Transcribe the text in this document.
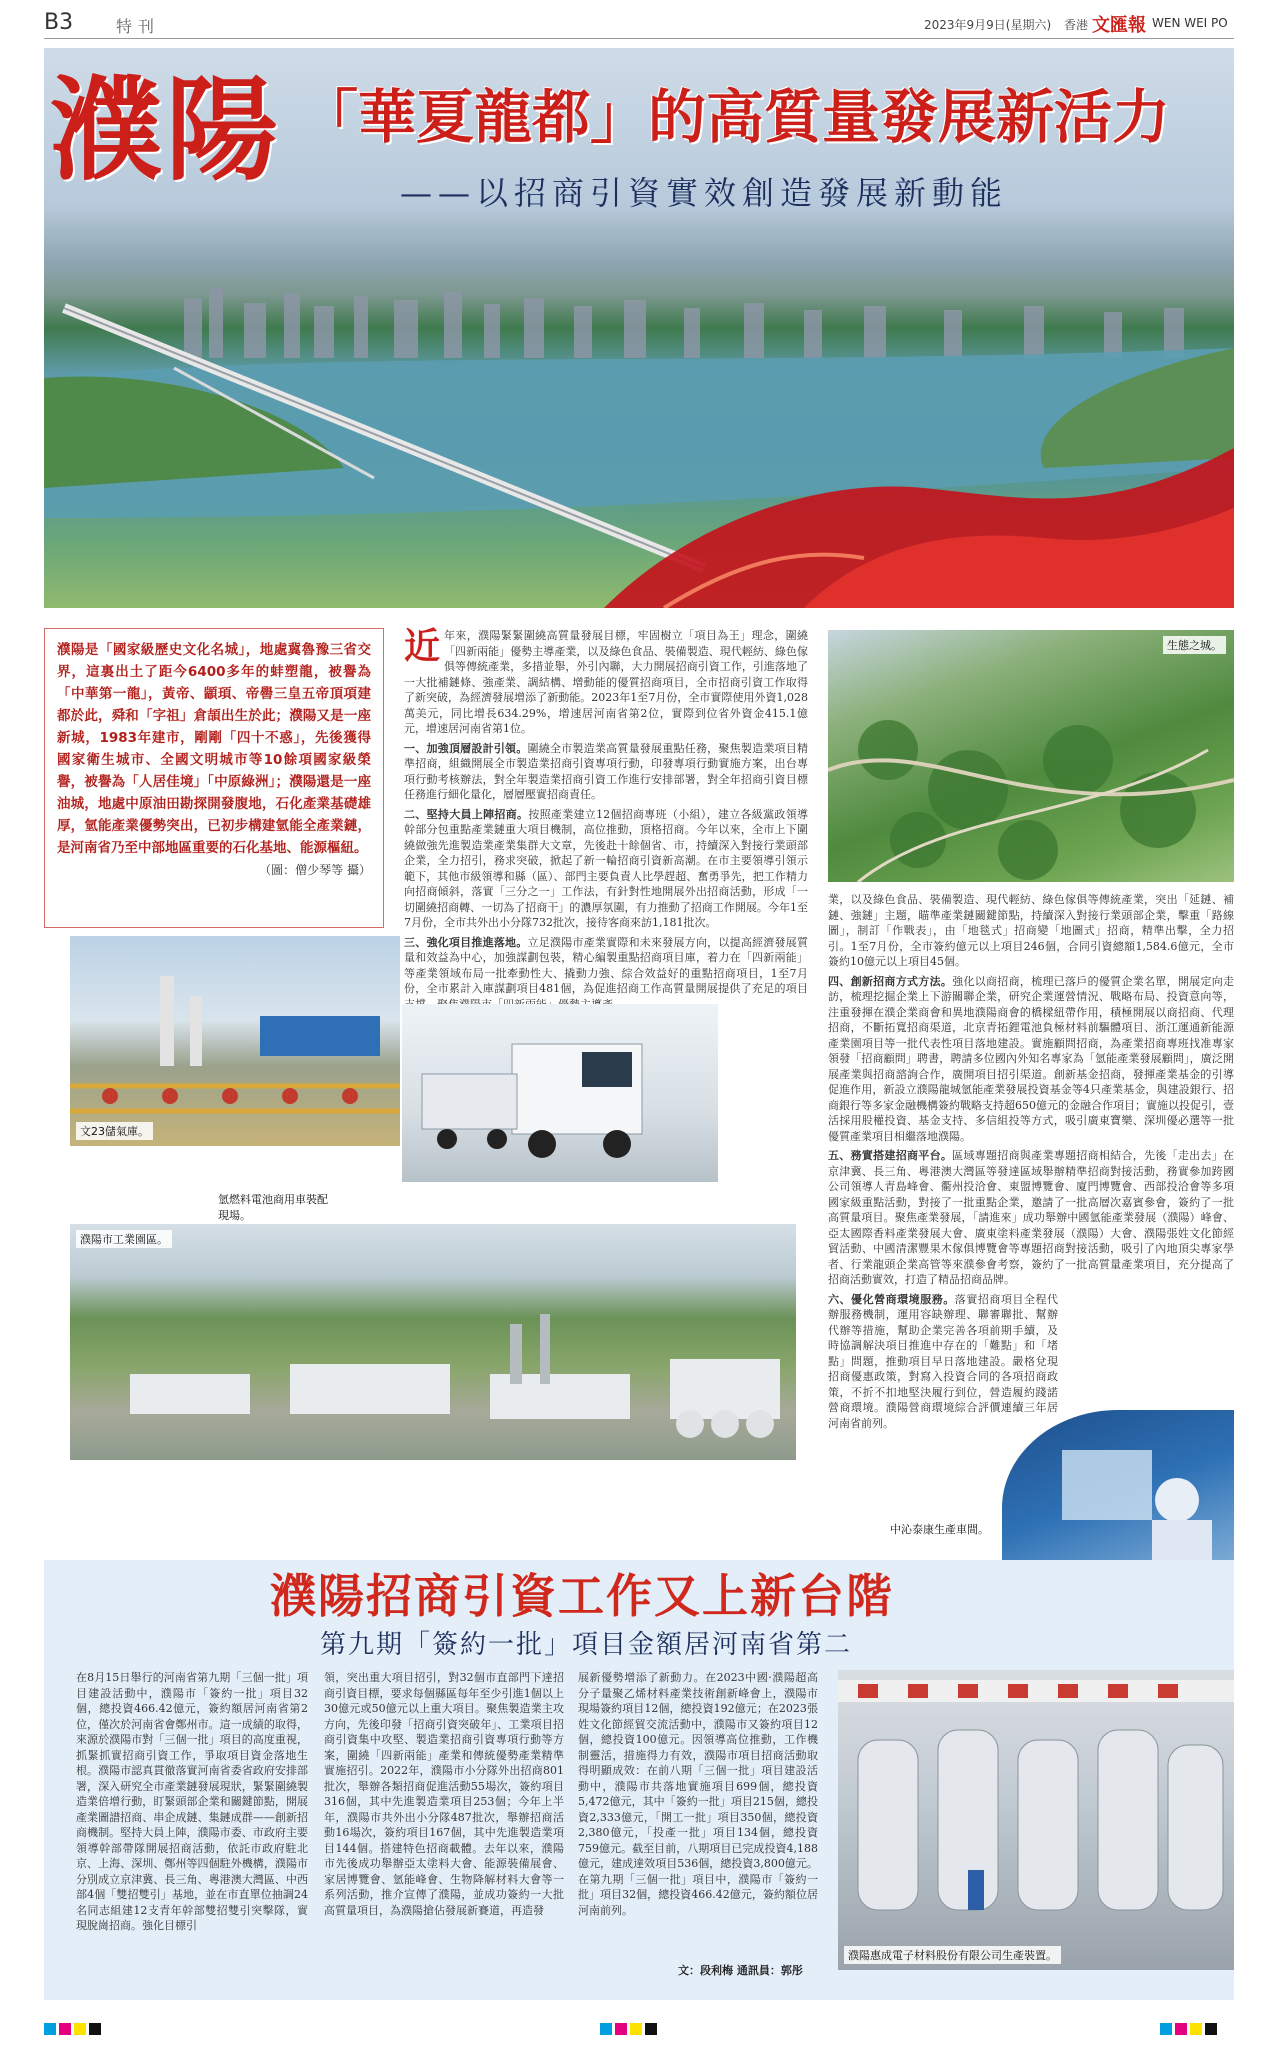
B3	特刊	2023年9月9日(星期六) 香港 文匯報 WEN WEI PO
濮陽 「華夏龍都」的高質量發展新活力
——以招商引資實效創造發展新動能
濮陽是「國家級歷史文化名城」，地處冀魯豫三省交界，這裏出土了距今6400多年的蚌塑龍，被譽為「中華第一龍」，黃帝、顓頊、帝嚳三皇五帝頂項建都於此，舜和「字祖」倉頡出生於此；濮陽又是一座新城，1983年建市，剛剛「四十不惑」，先後獲得國家衛生城市、全國文明城市等10餘項國家級榮譽，被譽為「人居佳境」「中原綠洲」；濮陽還是一座油城，地處中原油田勘探開發腹地，石化產業基礎雄厚，氫能產業優勢突出，已初步構建氫能全產業鏈，是河南省乃至中部地區重要的石化基地、能源樞紐。
（圖：僧少琴等 攝）
近 年來，濮陽緊緊圍繞高質量發展目標，牢固樹立「項目為王」理念，圍繞「四新兩能」優勢主導產業，以及綠色食品、裝備製造、現代輕紡、綠色傢俱等傳統產業，多措並舉，外引內聯，大力開展招商引資工作，引進落地了一大批補鏈條、強產業、調結構、增動能的優質招商項目，全市招商引資工作取得了新突破，為經濟發展增添了新動能。2023年1至7月份，全市實際使用外資1,028萬美元，同比增長634.29%，增速居河南省第2位，實際到位省外資金415.1億元，增速居河南省第1位。
一、加強頂層設計引領。圍繞全市製造業高質量發展重點任務，聚焦製造業項目精準招商，組織開展全市製造業招商引資專項行動，印發專項行動實施方案，出台專項行動考核辦法，對全年製造業招商引資工作進行安排部署，對全年招商引資目標任務進行細化量化，層層壓實招商責任。
二、堅持大員上陣招商。按照產業建立12個招商專班（小組），建立各級黨政領導幹部分包重點產業鏈重大項目機制，高位推動，頂格招商。今年以來，全市上下圍繞做強先進製造業產業集群大文章，先後赴十餘個省、市，持續深入對接行業頭部企業，全力招引，務求突破，掀起了新一輪招商引資新高潮。在市主要領導引領示範下，其他市級領導和縣（區）、部門主要負責人比學趕超、奮勇爭先，把工作精力向招商傾斜，落實「三分之一」工作法，有針對性地開展外出招商活動，形成「一切圍繞招商轉、一切為了招商干」的濃厚氛圍，有力推動了招商工作開展。今年1至7月份，全市共外出小分隊732批次，接待客商來訪1,181批次。
三、強化項目推進落地。立足濮陽市產業實際和未來發展方向，以提高經濟發展質量和效益為中心，加強謀劃包裝，精心編製重點招商項目庫，着力在「四新兩能」等產業領域布局一批牽動性大、撬動力強、綜合效益好的重點招商項目，1至7月份，全市累計入庫謀劃項目481個，為促進招商工作高質量開展提供了充足的項目
生態之城。
業，以及綠色食品、裝備製造、現代輕紡、綠色傢俱等傳統產業，突出「延鏈、補鏈、強鏈」主題，瞄準產業鏈關鍵節點，持續深入對接行業頭部企業，擊重「路線圖」，制訂「作戰表」，由「地毯式」招商變「地圖式」招商，精準出擊，全力招引。1至7月份，全市簽約億元以上項目246個，合同引資總額1,584.6億元，全市簽約10億元以上項目45個。
四、創新招商方式方法。強化以商招商，梳理已落戶的優質企業名單，開展定向走訪，梳理挖掘企業上下游關聯企業，研究企業運營情況、戰略布局、投資意向等，注重發揮在濮企業商會和異地濮陽商會的橋樑紐帶作用，積極開展以商招商、代理招商，不斷拓寬招商渠道，北京青拓鋰電池負極材料前驅體項目、浙江運通新能源產業園項目等一批代表性項目落地建設。實施顧問招商，為產業招商專班找准專家領發「招商顧問」聘書，聘請多位國內外知名專家為「氫能產業發展顧問」，廣泛開展產業與招商諮詢合作，廣開項目招引渠道。創新基金招商，發揮產業基金的引導促進作用，新設立濮陽龍城氫能產業發展投資基金等4只產業基金，與建設銀行、招商銀行等多家金融機構簽約戰略支持超650億元的金融合作項目；實施以投促引，壹活採用股權投資、基金支持、多信組投等方式，吸引廣東寶樂、深圳優必選等一批優質產業項目相繼落地濮陽。
五、務實搭建招商平台。區域專題招商與產業專題招商相結合，先後「走出去」在京津冀、長三角、粵港澳大灣區等發達區域舉辦精準招商對接活動，務實參加跨國公司領導人青島峰會、衢州投洽會、東盟博覽會、廈門博覽會、西部投洽會等多項國家級重點活動，對接了一批重點企業，邀請了一批高層次嘉賓參會，簽約了一批高質量項目。聚焦產業發展，「請進來」成功舉辦中國氫能產業發展（濮陽）峰會、亞太國際香料產業發展大會、廣東塗料產業發展（濮陽）大會、濮陽張姓文化節經貿活動、中國清潔豐果木傢俱博覽會等專題招商對接活動，吸引了內地頂尖專家學者、行業龍頭企業高管等來濮參會考察，簽約了一批高質量產業項目，充分提高了招商活動實效，打造了精品招商品牌。
六、優化營商環境服務。落實招商項目全程代辦服務機制，運用容缺辦理、聯審聯批、幫辦代辦等措施，幫助企業完善各項前期手續，及時協調解決項目推進中存在的「難點」和「堵點」問題，推動項目早日落地建設。嚴格兌現招商優惠政策，對寫入投資合同的各項招商政策，不折不扣地堅決履行到位，營造履約踐諾營商環境。濮陽營商環境綜合評價連續三年居河南省前列。
文23儲氣庫。
氫燃料電池商用車裝配現場。
濮陽市工業園區。
中沁泰康生產車間。
濮陽招商引資工作又上新台階
第九期「簽約一批」項目金額居河南省第二
在8月15日舉行的河南省第九期「三個一批」項目建設活動中，濮陽市「簽約一批」項目32個，總投資466.42億元，簽約額居河南省第2位，僅次於河南省會鄭州市。這一成績的取得，來源於濮陽市對「三個一批」項目的高度重視，抓緊抓實招商引資工作，爭取項目資金落地生根。濮陽市認真貫徹落實河南省委省政府安排部署，深入研究全市產業鏈發展現狀，緊緊圍繞製造業倍增行動，盯緊頭部企業和關鍵節點，開展產業圖譜招商、串企成鏈、集鏈成群——創新招商機制。堅持大員上陣，濮陽市委、市政府主要領導幹部帶隊開展招商活動，依託市政府駐北京、上海、深圳、鄭州等四個駐外機構，濮陽市分別成立京津冀、長三角、粵港澳大灣區、中西部4個「雙招雙引」基地，並在市直單位抽調24名同志組建12支青年幹部雙招雙引突擊隊，實現脫崗招商。強化目標引
領，突出重大項目招引，對32個市直部門下達招商引資目標，要求每個縣區每年至少引進1個以上30億元或50億元以上重大項目。聚焦製造業主攻方向，先後印發「招商引資突破年」、工業項目招商引資集中攻堅、製造業招商引資專項行動等方案，圍繞「四新兩能」產業和傳統優勢產業精準實施招引。2022年，濮陽市小分隊外出招商801批次，舉辦各類招商促進活動55場次，簽約項目316個，其中先進製造業項目253個；今年上半年，濮陽市共外出小分隊487批次，舉辦招商活動16場次，簽約項目167個，其中先進製造業項目144個。搭建特色招商載體。去年以來，濮陽市先後成功舉辦亞太塗料大會、能源裝備展會、家居博覽會、氫能峰會、生物降解材料大會等一系列活動，推介宣傳了濮陽，並成功簽約一大批高質量項目，為濮陽搶佔發展新賽道，再造發
展新優勢增添了新動力。在2023中國·濮陽超高分子量聚乙烯材料產業技術創新峰會上，濮陽市現場簽約項目12個，總投資192億元；在2023張姓文化節經貿交流活動中，濮陽市又簽約項目12個，總投資100億元。因領導高位推動，工作機制靈活，措施得力有效，濮陽市項目招商活動取得明顯成效：在前八期「三個一批」項目建設活動中，濮陽市共落地實施項目699個，總投資5,472億元，其中「簽約一批」項目215個，總投資2,333億元，「開工一批」項目350個，總投資2,380億元，「投產一批」項目134個，總投資759億元。截至目前，八期項目已完成投資4,188億元，建成達效項目536個，總投資3,800億元。在第九期「三個一批」項目中，濮陽市「簽約一批」項目32個，總投資466.42億元，簽約額位居河南前列。
文：段利梅 通訊員：郭彤
濮陽惠成電子材料股份有限公司生產裝置。
